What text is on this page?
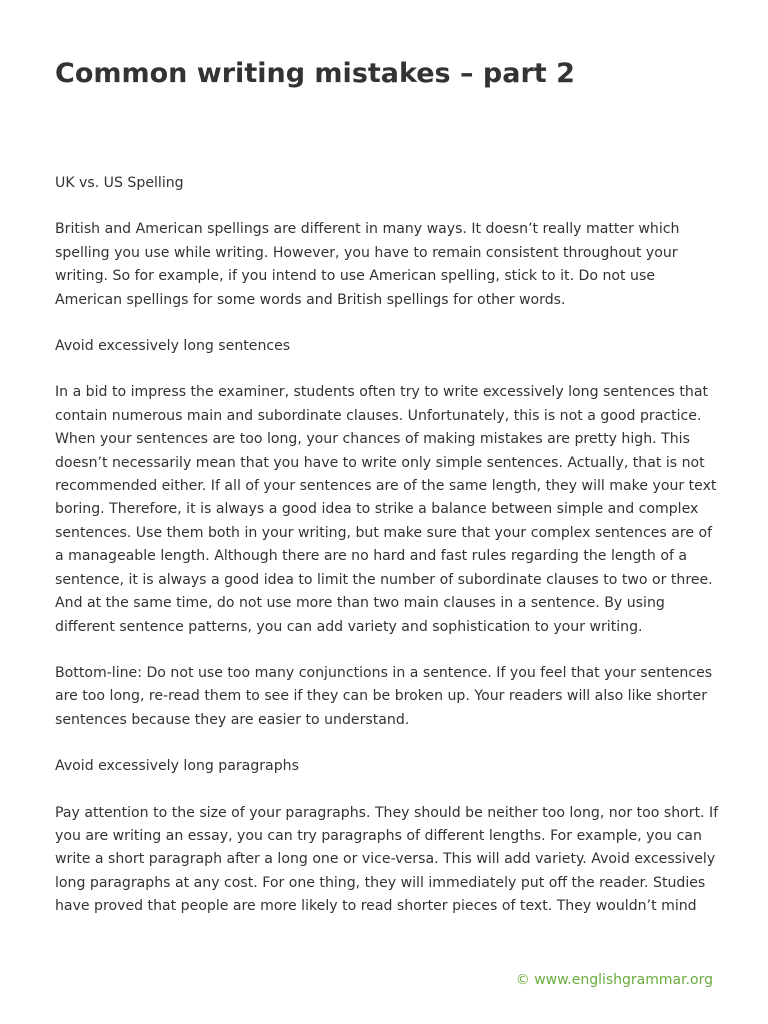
Common writing mistakes – part 2

UK vs. US Spelling

British and American spellings are different in many ways. It doesn’t really matter which spelling you use while writing. However, you have to remain consistent throughout your writing. So for example, if you intend to use American spelling, stick to it. Do not use American spellings for some words and British spellings for other words.

Avoid excessively long sentences

In a bid to impress the examiner, students often try to write excessively long sentences that contain numerous main and subordinate clauses. Unfortunately, this is not a good practice. When your sentences are too long, your chances of making mistakes are pretty high. This doesn’t necessarily mean that you have to write only simple sentences. Actually, that is not recommended either. If all of your sentences are of the same length, they will make your text boring. Therefore, it is always a good idea to strike a balance between simple and complex sentences. Use them both in your writing, but make sure that your complex sentences are of a manageable length. Although there are no hard and fast rules regarding the length of a sentence, it is always a good idea to limit the number of subordinate clauses to two or three. And at the same time, do not use more than two main clauses in a sentence. By using different sentence patterns, you can add variety and sophistication to your writing.

Bottom-line: Do not use too many conjunctions in a sentence. If you feel that your sentences are too long, re-read them to see if they can be broken up. Your readers will also like shorter sentences because they are easier to understand.

Avoid excessively long paragraphs

Pay attention to the size of your paragraphs. They should be neither too long, nor too short. If you are writing an essay, you can try paragraphs of different lengths. For example, you can write a short paragraph after a long one or vice-versa. This will add variety. Avoid excessively long paragraphs at any cost. For one thing, they will immediately put off the reader. Studies have proved that people are more likely to read shorter pieces of text. They wouldn’t mind

© www.englishgrammar.org
